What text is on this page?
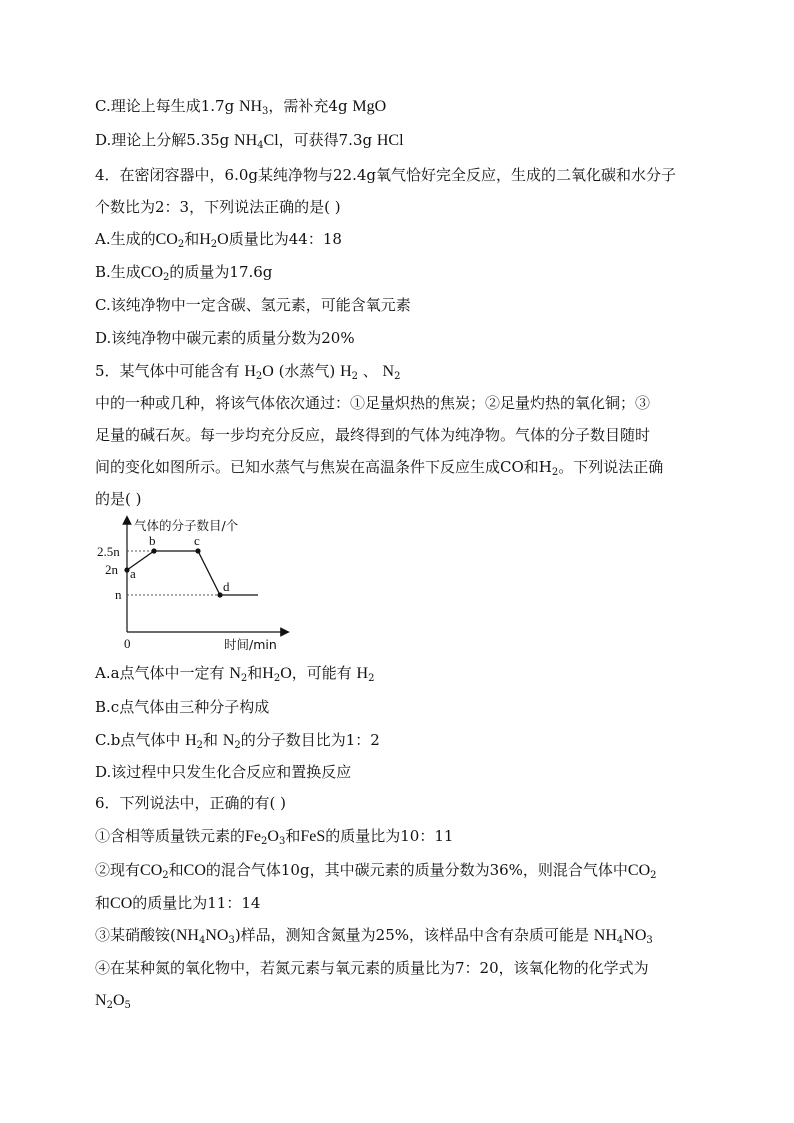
C.理论上每生成1.7g $NH_3$，需补充4g MgO
D.理论上分解5.35g $NH_4Cl$，可获得7.3g HCl
4．在密闭容器中，6.0g某纯净物与22.4g氧气恰好完全反应，生成的二氧化碳和水分子
个数比为2：3，下列说法正确的是( )
A.生成的$CO_2$和$H_2O$质量比为44：18
B.生成$CO_2$的质量为17.6g
C.该纯净物中一定含碳、氢元素，可能含氧元素
D.该纯净物中碳元素的质量分数为20%
5．某气体中可能含有 $H_2O$ (水蒸气) $H_2$ 、 $N_2$
中的一种或几种，将该气体依次通过：①足量炽热的焦炭；②足量灼热的氧化铜；③
足量的碱石灰。每一步均充分反应，最终得到的气体为纯净物。气体的分子数目随时
间的变化如图所示。已知水蒸气与焦炭在高温条件下反应生成CO和$H_2$。下列说法正确
的是( )
气体的分子数目/个
时间/min
0
2.5n
2n
n
a
b	c
d
A.a点气体中一定有 $N_2$和$H_2O$，可能有 $H_2$
B.c点气体由三种分子构成
C.b点气体中 $H_2$和 $N_2$的分子数目比为1：2
D.该过程中只发生化合反应和置换反应
6．下列说法中，正确的有( )
①含相等质量铁元素的$Fe_2O_3$和FeS的质量比为10：11
②现有$CO_2$和CO的混合气体10g，其中碳元素的质量分数为36%，则混合气体中$CO_2$
和CO的质量比为11：14
③某硝酸铵$(NH_4NO_3)$样品，测知含氮量为25%，该样品中含有杂质可能是 $NH_4NO_3$
④在某种氮的氧化物中，若氮元素与氧元素的质量比为7：20，该氧化物的化学式为
$N_2O_5$
